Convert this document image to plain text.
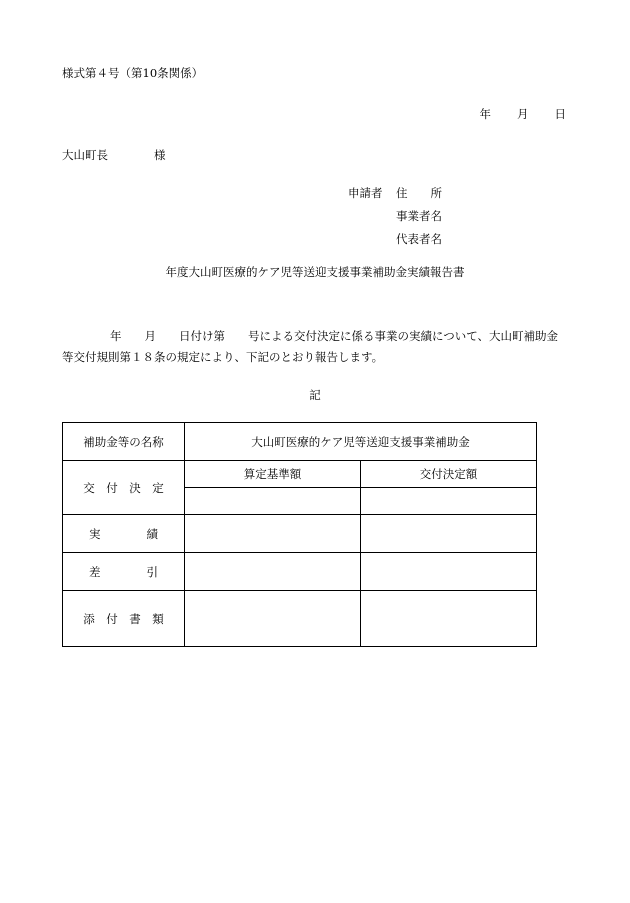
様式第４号（第10条関係）
年 月 日
大山町長	様
申請者 住　　所
事業者名
代表者名
年度大山町医療的ケア児等送迎支援事業補助金実績報告書
年　　月　　日付け第　　号による交付決定に係る事業の実績について、大山町補助金等交付規則第１８条の規定により、下記のとおり報告します。
記
補助金等の名称	大山町医療的ケア児等送迎支援事業補助金	
交　付　決　定	算定基準額	交付決定額

実　　　　績		
差　　　　引		
添　付　書　類		
